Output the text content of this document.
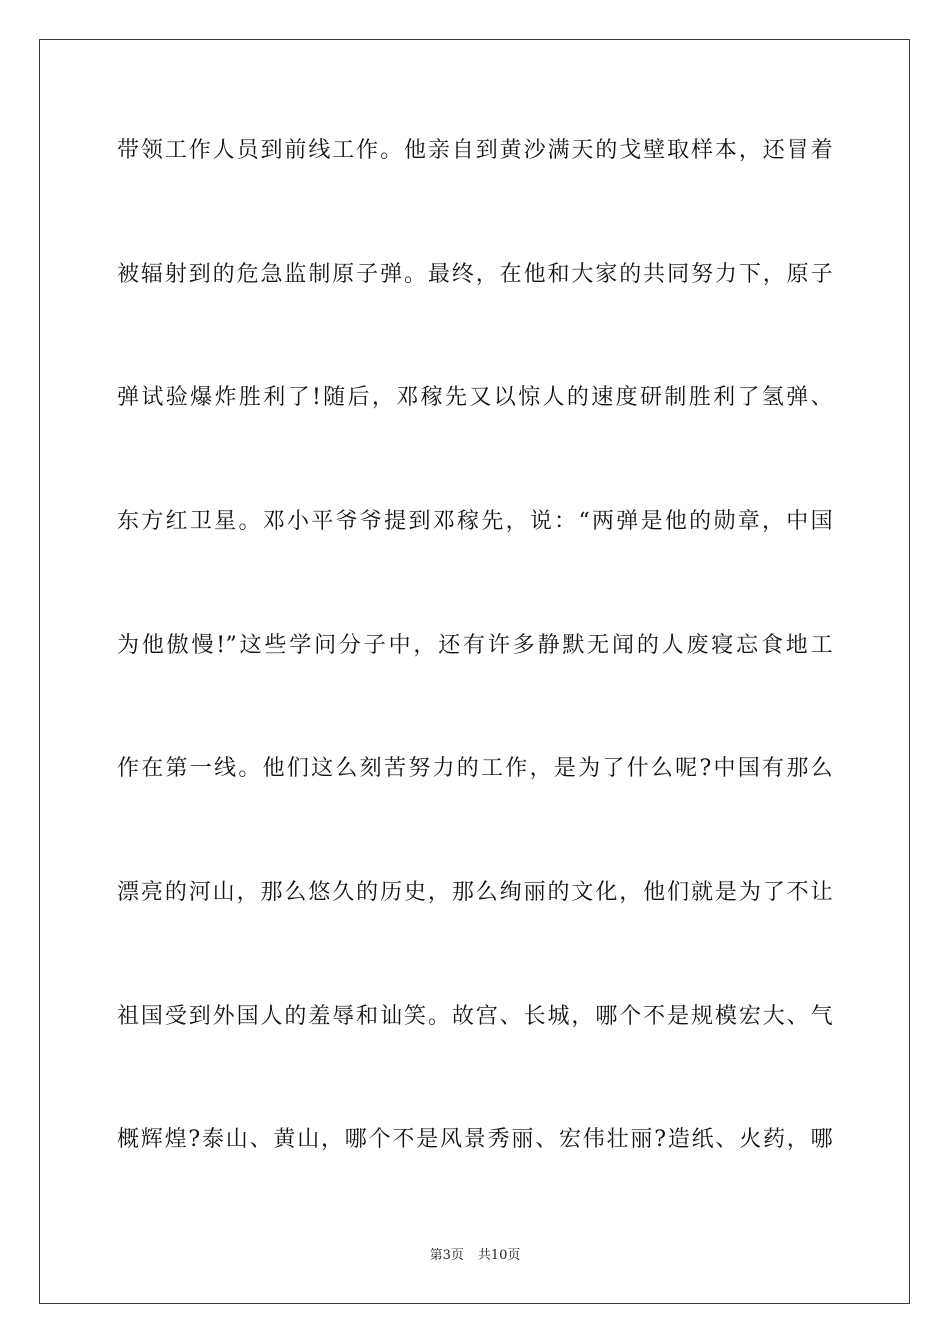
带领工作人员到前线工作。他亲自到黄沙满天的戈壁取样本，还冒着
被辐射到的危急监制原子弹。最终，在他和大家的共同努力下，原子
弹试验爆炸胜利了!随后，邓稼先又以惊人的速度研制胜利了氢弹、
东方红卫星。邓小平爷爷提到邓稼先，说：“两弹是他的勋章，中国
为他傲慢!”这些学问分子中，还有许多静默无闻的人废寝忘食地工
作在第一线。他们这么刻苦努力的工作，是为了什么呢?中国有那么
漂亮的河山，那么悠久的历史，那么绚丽的文化，他们就是为了不让
祖国受到外国人的羞辱和讪笑。故宫、长城，哪个不是规模宏大、气
概辉煌?泰山、黄山，哪个不是风景秀丽、宏伟壮丽?造纸、火药，哪
第3页 共10页
